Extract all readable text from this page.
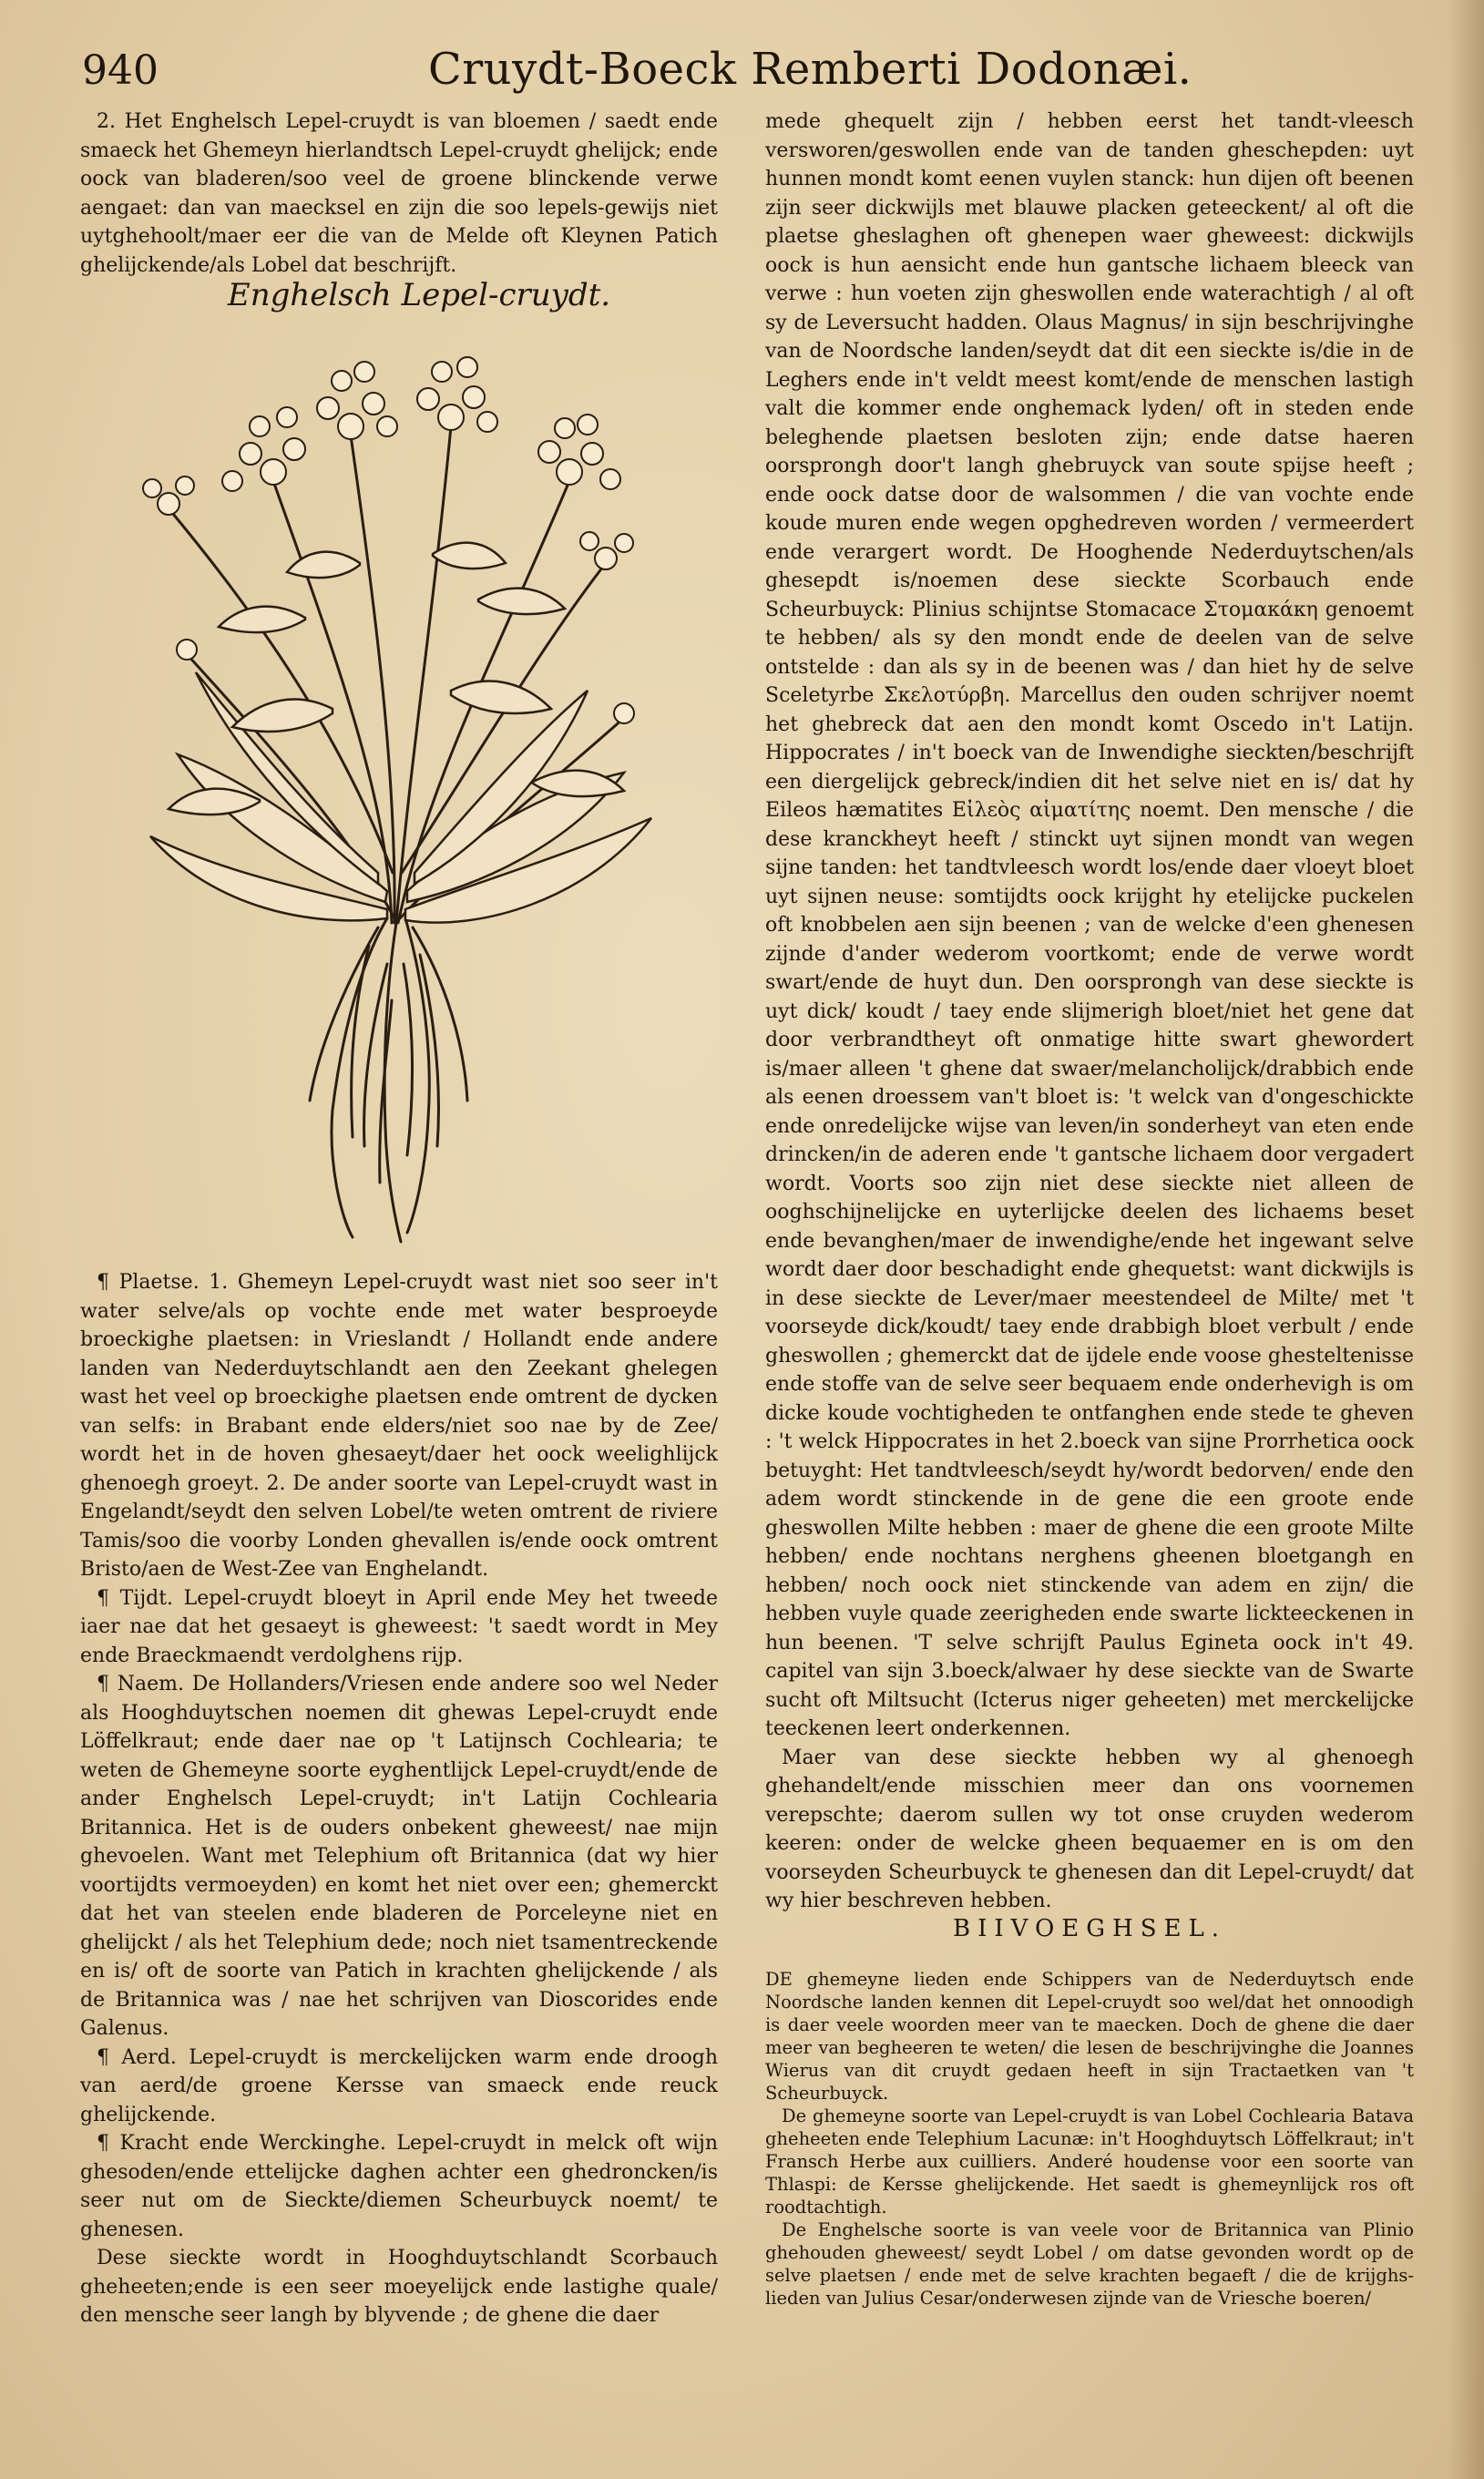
940	Cruydt-Boeck Remberti Dodonæi.

2. Het Enghelsch Lepel-cruydt is van bloemen / saedt ende smaeck het Ghemeyn hierlandtsch Lepel-cruydt ghelijck; ende oock van bladeren/soo veel de groene blinckende verwe aengaet: dan van maecksel en zijn die soo lepels-gewijs niet uytghehoolt/maer eer die van de Melde oft Kleynen Patich ghelijckende/als Lobel dat beschrijft.

Enghelsch Lepel-cruydt.

¶ Plaetse. 1. Ghemeyn Lepel-cruydt wast niet soo seer in't water selve/als op vochte ende met water besproeyde broeckighe plaetsen: in Vrieslandt / Hollandt ende andere landen van Nederduytschlandt aen den Zeekant ghelegen wast het veel op broeckighe plaetsen ende omtrent de dycken van selfs: in Brabant ende elders/niet soo nae by de Zee/ wordt het in de hoven ghesaeyt/daer het oock weelighlijck ghenoegh groeyt. 2. De ander soorte van Lepel-cruydt wast in Engelandt/seydt den selven Lobel/te weten omtrent de riviere Tamis/soo die voorby Londen ghevallen is/ende oock omtrent Bristo/aen de West-Zee van Enghelandt.

¶ Tijdt. Lepel-cruydt bloeyt in April ende Mey het tweede iaer nae dat het gesaeyt is gheweest: 't saedt wordt in Mey ende Braeckmaendt verdolghens rijp.

¶ Naem. De Hollanders/Vriesen ende andere soo wel Neder als Hooghduytschen noemen dit ghewas Lepel-cruydt ende Löffelkraut; ende daer nae op 't Latijnsch Cochlearia; te weten de Ghemeyne soorte eyghentlijck Lepel-cruydt/ende de ander Enghelsch Lepel-cruydt; in't Latijn Cochlearia Britannica. Het is de ouders onbekent gheweest/ nae mijn ghevoelen. Want met Telephium oft Britannica (dat wy hier voortijdts vermoeyden) en komt het niet over een; ghemerckt dat het van steelen ende bladeren de Porceleyne niet en ghelijckt / als het Telephium dede; noch niet tsamentreckende en is/ oft de soorte van Patich in krachten ghelijckende / als de Britannica was / nae het schrijven van Dioscorides ende Galenus.

¶ Aerd. Lepel-cruydt is merckelijcken warm ende droogh van aerd/de groene Kersse van smaeck ende reuck ghelijckende.

¶ Kracht ende Werckinghe. Lepel-cruydt in melck oft wijn ghesoden/ende ettelijcke daghen achter een ghedroncken/is seer nut om de Sieckte/diemen Scheurbuyck noemt/ te ghenesen.

Dese sieckte wordt in Hooghduytschlandt Scorbauch gheheeten;ende is een seer moeyelijck ende lastighe quale/ den mensche seer langh by blyvende ; de ghene die daer

mede ghequelt zijn / hebben eerst het tandt-vleesch versworen/geswollen ende van de tanden gheschepden: uyt hunnen mondt komt eenen vuylen stanck: hun dijen oft beenen zijn seer dickwijls met blauwe placken geteeckent/ al oft die plaetse gheslaghen oft ghenepen waer gheweest: dickwijls oock is hun aensicht ende hun gantsche lichaem bleeck van verwe : hun voeten zijn gheswollen ende waterachtigh / al oft sy de Leversucht hadden. Olaus Magnus/ in sijn beschrijvinghe van de Noordsche landen/seydt dat dit een sieckte is/die in de Leghers ende in't veldt meest komt/ende de menschen lastigh valt die kommer ende onghemack lyden/ oft in steden ende beleghende plaetsen besloten zijn; ende datse haeren oorsprongh door't langh ghebruyck van soute spijse heeft ; ende oock datse door de walsommen / die van vochte ende koude muren ende wegen opghedreven worden / vermeerdert ende verargert wordt. De Hooghende Nederduytschen/als ghesepdt is/noemen dese sieckte Scorbauch ende Scheurbuyck: Plinius schijntse Stomacace Στομακάκη genoemt te hebben/ als sy den mondt ende de deelen van de selve ontstelde : dan als sy in de beenen was / dan hiet hy de selve Sceletyrbe Σκελοτύρβη. Marcellus den ouden schrijver noemt het ghebreck dat aen den mondt komt Oscedo in't Latijn. Hippocrates / in't boeck van de Inwendighe sieckten/beschrijft een diergelijck gebreck/indien dit het selve niet en is/ dat hy Eileos hæmatites Εἰλεὸς αἱματίτης noemt. Den mensche / die dese kranckheyt heeft / stinckt uyt sijnen mondt van wegen sijne tanden: het tandtvleesch wordt los/ende daer vloeyt bloet uyt sijnen neuse: somtijdts oock krijght hy etelijcke puckelen oft knobbelen aen sijn beenen ; van de welcke d'een ghenesen zijnde d'ander wederom voortkomt; ende de verwe wordt swart/ende de huyt dun. Den oorsprongh van dese sieckte is uyt dick/ koudt / taey ende slijmerigh bloet/niet het gene dat door verbrandtheyt oft onmatige hitte swart ghewordert is/maer alleen 't ghene dat swaer/melancholijck/drabbich ende als eenen droessem van't bloet is: 't welck van d'ongeschickte ende onredelijcke wijse van leven/in sonderheyt van eten ende drincken/in de aderen ende 't gantsche lichaem door vergadert wordt. Voorts soo zijn niet dese sieckte niet alleen de ooghschijnelijcke en uyterlijcke deelen des lichaems beset ende bevanghen/maer de inwendighe/ende het ingewant selve wordt daer door beschadight ende ghequetst: want dickwijls is in dese sieckte de Lever/maer meestendeel de Milte/ met 't voorseyde dick/koudt/ taey ende drabbigh bloet verbult / ende gheswollen ; ghemerckt dat de ijdele ende voose ghesteltenisse ende stoffe van de selve seer bequaem ende onderhevigh is om dicke koude vochtigheden te ontfanghen ende stede te gheven : 't welck Hippocrates in het 2.boeck van sijne Prorrhetica oock betuyght: Het tandtvleesch/seydt hy/wordt bedorven/ ende den adem wordt stinckende in de gene die een groote ende gheswollen Milte hebben : maer de ghene die een groote Milte hebben/ ende nochtans nerghens gheenen bloetgangh en hebben/ noch oock niet stinckende van adem en zijn/ die hebben vuyle quade zeerigheden ende swarte lickteeckenen in hun beenen. 'T selve schrijft Paulus Egineta oock in't 49. capitel van sijn 3.boeck/alwaer hy dese sieckte van de Swarte sucht oft Miltsucht (Icterus niger geheeten) met merckelijcke teeckenen leert onderkennen.

Maer van dese sieckte hebben wy al ghenoegh ghehandelt/ende misschien meer dan ons voornemen verepschte; daerom sullen wy tot onse cruyden wederom keeren: onder de welcke gheen bequaemer en is om den voorseyden Scheurbuyck te ghenesen dan dit Lepel-cruydt/ dat wy hier beschreven hebben.

BIIVOEGHSEL.

DE ghemeyne lieden ende Schippers van de Nederduytsch ende Noordsche landen kennen dit Lepel-cruydt soo wel/dat het onnoodigh is daer veele woorden meer van te maecken. Doch de ghene die daer meer van begheeren te weten/ die lesen de beschrijvinghe die Joannes Wierus van dit cruydt gedaen heeft in sijn Tractaetken van 't Scheurbuyck.

De ghemeyne soorte van Lepel-cruydt is van Lobel Cochlearia Batava gheheeten ende Telephium Lacunæ: in't Hooghduytsch Löffelkraut; in't Fransch Herbe aux cuilliers. Anderé houdense voor een soorte van Thlaspi: de Kersse ghelijckende. Het saedt is ghemeynlijck ros oft roodtachtigh.

De Enghelsche soorte is van veele voor de Britannica van Plinio ghehouden gheweest/ seydt Lobel / om datse gevonden wordt op de selve plaetsen / ende met de selve krachten begaeft / die de krijghs-lieden van Julius Cesar/onderwesen zijnde van de Vriesche boeren/
